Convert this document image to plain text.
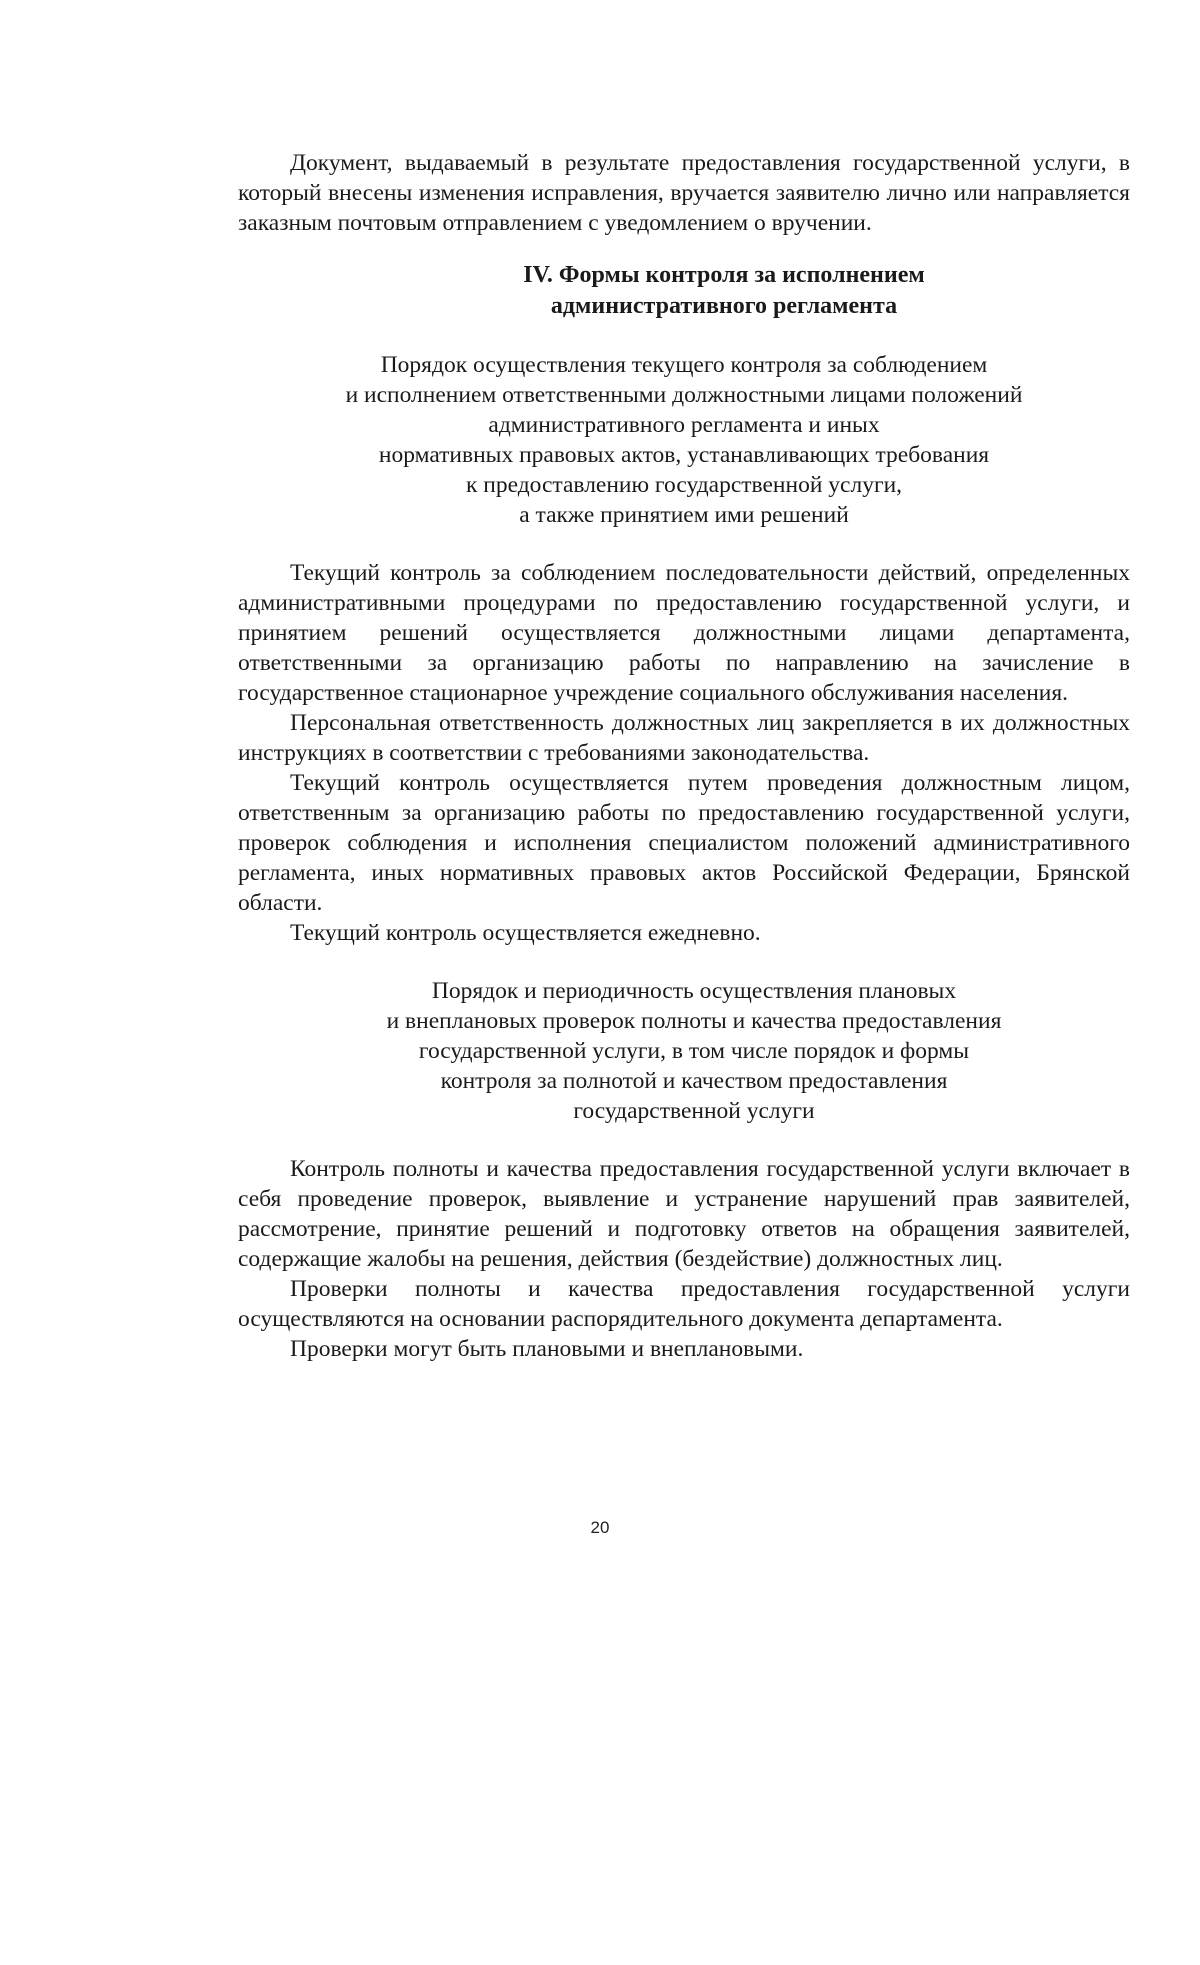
Документ, выдаваемый в результате предоставления государственной услуги, в который внесены изменения исправления, вручается заявителю лично или направляется заказным почтовым отправлением с уведомлением о вручении.

IV. Формы контроля за исполнением
административного регламента
Порядок осуществления текущего контроля за соблюдением
и исполнением ответственными должностными лицами положений
административного регламента и иных
нормативных правовых актов, устанавливающих требования
к предоставлению государственной услуги,
а также принятием ими решений

Текущий контроль за соблюдением последовательности действий, определенных административными процедурами по предоставлению государственной услуги, и принятием решений осуществляется должностными лицами департамента, ответственными за организацию работы по направлению на зачисление в государственное стационарное учреждение социального обслуживания населения.

Персональная ответственность должностных лиц закрепляется в их должностных инструкциях в соответствии с требованиями законодательства.

Текущий контроль осуществляется путем проведения должностным лицом, ответственным за организацию работы по предоставлению государственной услуги, проверок соблюдения и исполнения специалистом положений административного регламента, иных нормативных правовых актов Российской Федерации, Брянской области.

Текущий контроль осуществляется ежедневно.

Порядок и периодичность осуществления плановых
и внеплановых проверок полноты и качества предоставления
государственной услуги, в том числе порядок и формы
контроля за полнотой и качеством предоставления
государственной услуги

Контроль полноты и качества предоставления государственной услуги включает в себя проведение проверок, выявление и устранение нарушений прав заявителей, рассмотрение, принятие решений и подготовку ответов на обращения заявителей, содержащие жалобы на решения, действия (бездействие) должностных лиц.

Проверки полноты и качества предоставления государственной услуги осуществляются на основании распорядительного документа департамента.

Проверки могут быть плановыми и внеплановыми.

20
